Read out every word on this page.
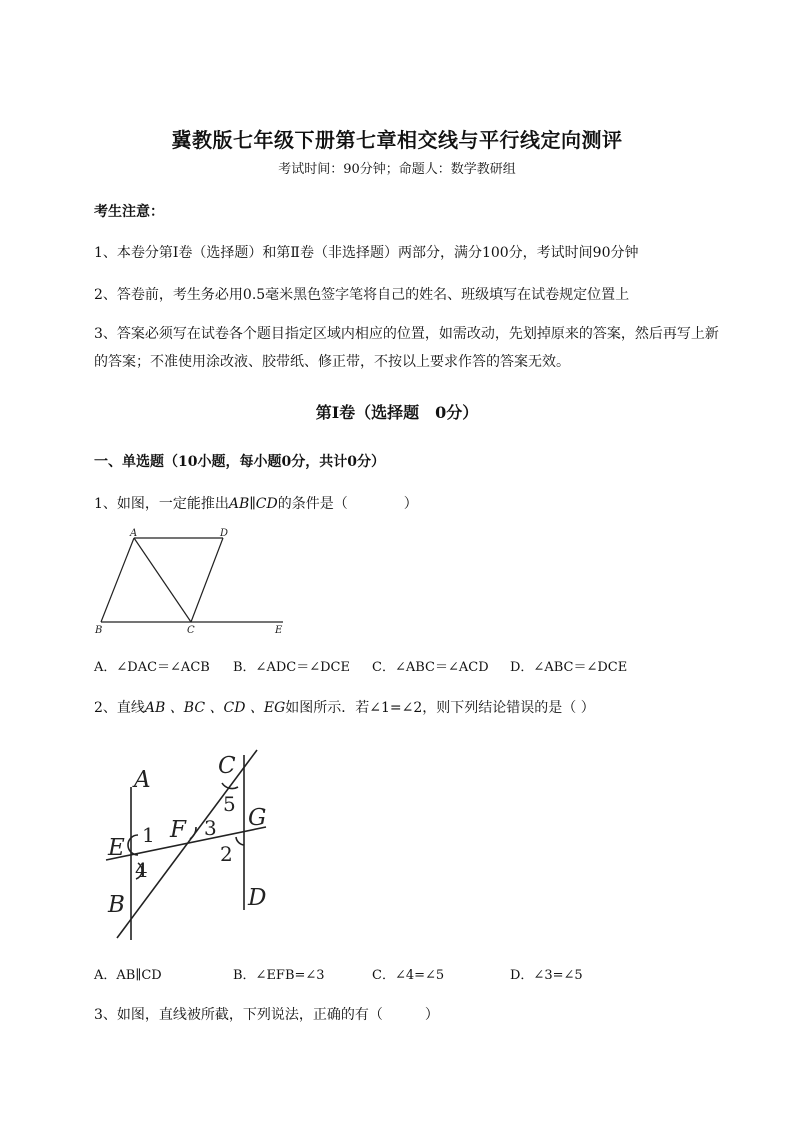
冀教版七年级下册第七章相交线与平行线定向测评
考试时间：90分钟；命题人：数学教研组
考生注意：
1、本卷分第Ⅰ卷（选择题）和第Ⅱ卷（非选择题）两部分，满分100分，考试时间90分钟
2、答卷前，考生务必用0.5毫米黑色签字笔将自己的姓名、班级填写在试卷规定位置上
3、答案必须写在试卷各个题目指定区域内相应的位置，如需改动，先划掉原来的答案，然后再写上新的答案；不准使用涂改液、胶带纸、修正带，不按以上要求作答的答案无效。
第Ⅰ卷（选择题　0分）
一、单选题（10小题，每小题0分，共计0分）
1、如图，一定能推出AB∥CD的条件是（　　　　）
A	D
B	C	E
A．∠DAC＝∠ACB B．∠ADC＝∠DCE C．∠ABC＝∠ACD D．∠ABC＝∠DCE
2、直线AB 、BC 、CD 、EG如图所示．若∠1=∠2，则下列结论错误的是（ ）
A
B
C
D
E
F	G
1
2
3
4
5
A．AB∥CD	B．∠EFB=∠3	C．∠4=∠5	D．∠3=∠5
3、如图，直线被所截，下列说法，正确的有（　　　）
